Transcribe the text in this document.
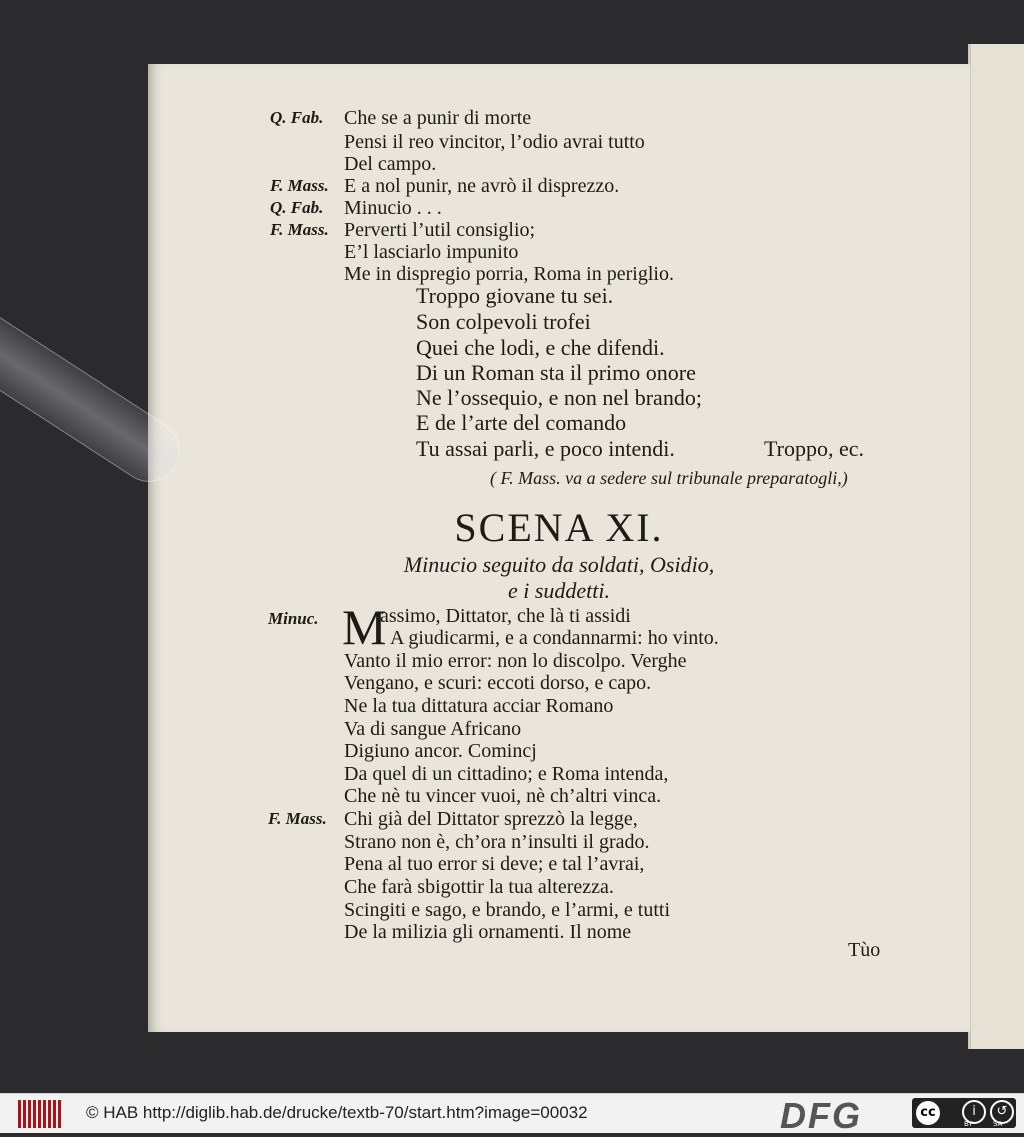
Q. Fab. Che se a punir di morte
Pensi il reo vincitor, l’odio avrai tutto
Del campo.
F. Mass. E a nol punir, ne avrò il disprezzo.
Q. Fab. Minucio . . .
F. Mass. Perverti l’util consiglio;
E’l lasciarlo impunito
Me in dispregio porria, Roma in periglio.
Troppo giovane tu sei.
Son colpevoli trofei
Quei che lodi, e che difendi.
Di un Roman sta il primo onore
Ne l’ossequio, e non nel brando;
E de l’arte del comando
Tu assai parli, e poco intendi.	Troppo, ec.
( F. Mass. va a sedere sul tribunale preparatogli,)
SCENA XI.
Minucio seguito da soldati, Osidio,
e i suddetti.
M
Minuc.	assimo, Dittator, che là ti assidi
A giudicarmi, e a condannarmi: ho vinto.
Vanto il mio error: non lo discolpo. Verghe
Vengano, e scuri: eccoti dorso, e capo.
Ne la tua dittatura acciar Romano
Va di sangue Africano
Digiuno ancor. Comincj
Da quel di un cittadino; e Roma intenda,
Che nè tu vincer vuoi, nè ch’altri vinca.
F. Mass. Chi già del Dittator sprezzò la legge,
Strano non è, ch’ora n’insulti il grado.
Pena al tuo error si deve; e tal l’avrai,
Che farà sbigottir la tua alterezza.
Scingiti e sago, e brando, e l’armi, e tutti
De la milizia gli ornamenti. Il nome
Tùo
© HAB http://diglib.hab.de/drucke/textb-70/start.htm?image=00032	DFG	cc	i	↺
BY	SA
